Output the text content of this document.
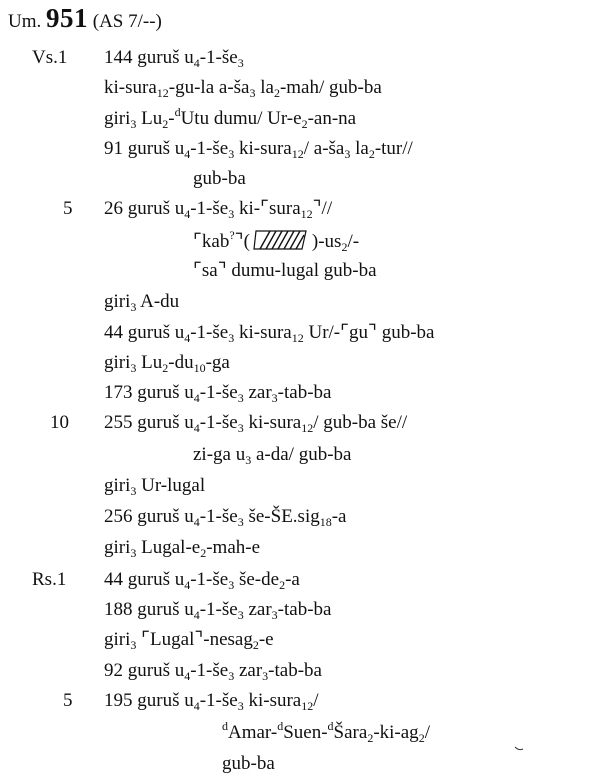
Um. 951 (AS 7/--)
Vs.1
5
10
Rs.1
5
144 guruš $u_4-1-še_3$
ki-sura$_{12}$-gu-la $a-ša_3$ $la_2-mah/$ gub-ba
giri$_3$ $Lu_2-^dUtu$ dumu/ $Ur-e_2-an-na$
91 guruš $u_4-1-še_3$ ki-sura$_{12}$/ $a-ša_3$ $la_2-tur//$
gub-ba
26 guruš $u_4-1-še_3$ ki-⌜sura$_{12}$⌝//
⌜kab?⌝(	)$-us_2/-$
⌜sa⌝ dumu-lugal gub-ba
giri$_3$ A-du
44 guruš $u_4-1-še_3$ ki-sura$_{12}$ Ur/-⌜gu⌝ gub-ba
giri$_3$ $Lu_2-du_{10}-ga$
173 guruš $u_4-1-še_3$ zar$_3$-tab-ba
255 guruš $u_4-1-še_3$ ki-sura$_{12}$/ gub-ba še//
zi-ga $u_3$ a-da/ gub-ba
giri$_3$ Ur-lugal
256 guruš $u_4-1-še_3$ še-ŠE.sig$_{18}$-a
giri$_3$ Lugal-$e_2-mah-e$
44 guruš $u_4-1-še_3$ $še-de_2-a$
188 guruš $u_4-1-še_3$ zar$_3$-tab-ba
giri$_3$ ⌜Lugal⌝-nesag$_2$-e
92 guruš $u_4-1-še_3$ zar$_3$-tab-ba
195 guruš $u_4-1-še_3$ ki-sura$_{12}$/
$^dAmar-^dSuen-^dŠara_2-ki-ag_2/$
gub-ba
